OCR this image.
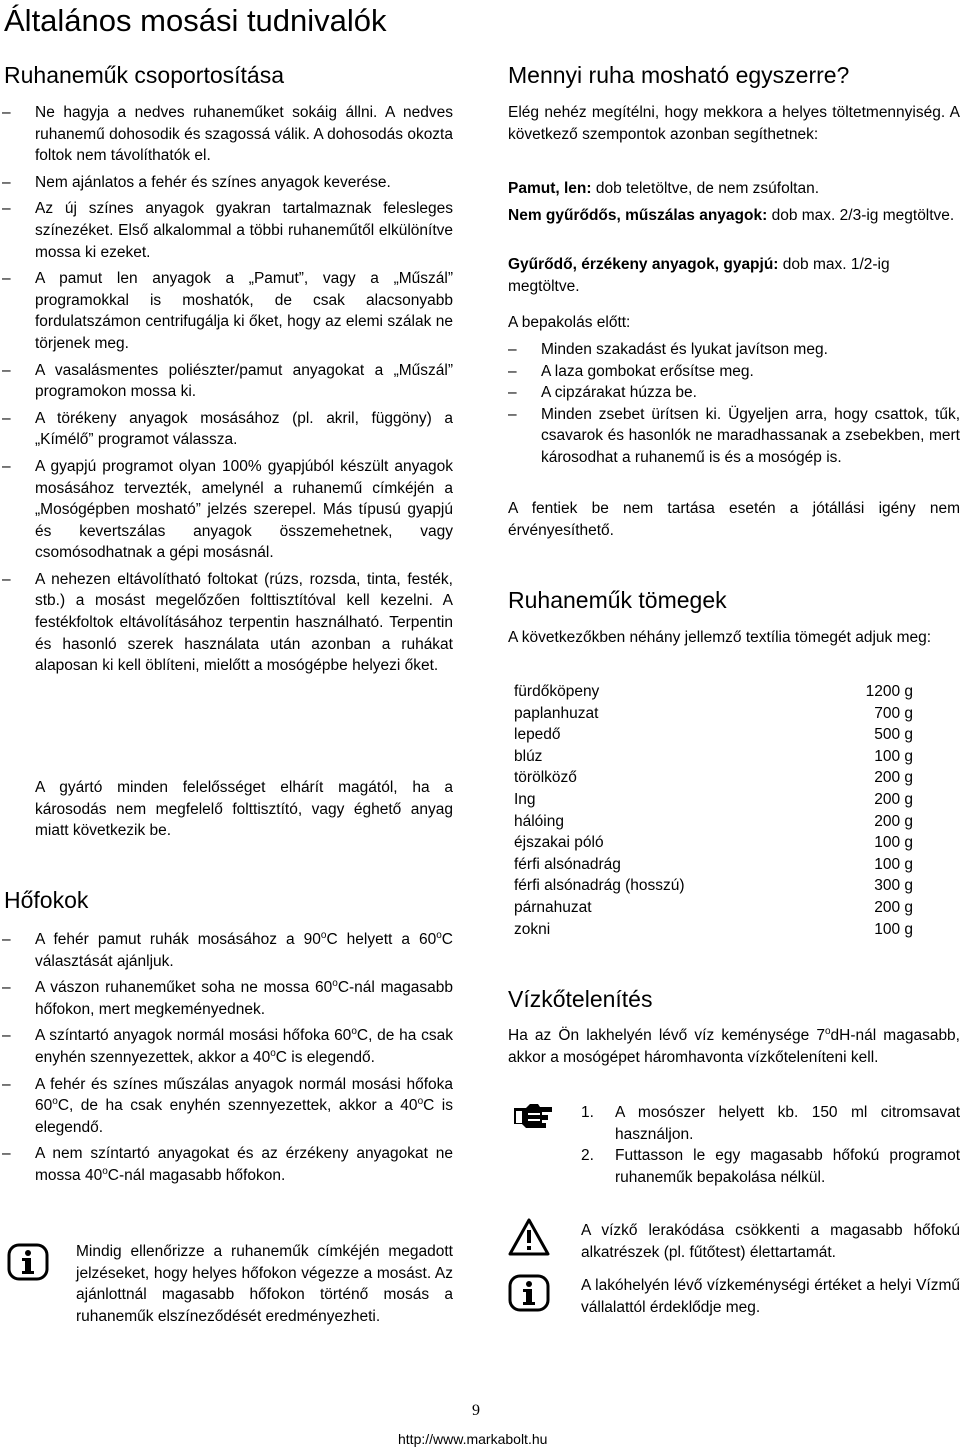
Általános mosási tudnivalók
Ruhaneműk csoportosítása
– Ne hagyja a nedves ruhaneműket sokáig állni. A nedves ruhanemű dohosodik és szagossá válik. A dohosodás okozta foltok nem távolíthatók el.
– Nem ajánlatos a fehér és színes anyagok keverése.
– Az új színes anyagok gyakran tartalmaznak felesleges színezéket. Első alkalommal a többi ruhaneműtől elkülönítve mossa ki ezeket.
– A pamut len anyagok a „Pamut”, vagy a „Műszál” programokkal is moshatók, de csak alacsonyabb fordulatszámon centrifugálja ki őket, hogy az elemi szálak ne törjenek meg.
– A vasalásmentes poliészter/pamut anyagokat a „Műszál” programokon mossa ki.
– A törékeny anyagok mosásához (pl. akril, függöny) a „Kímélő” programot válassza.
– A gyapjú programot olyan 100% gyapjúból készült anyagok mosásához tervezték, amelynél a ruhanemű címkéjén a „Mosógépben mosható” jelzés szerepel. Más típusú gyapjú és kevertszálas anyagok összemehetnek, vagy csomósodhatnak a gépi mosásnál.
– A nehezen eltávolítható foltokat (rúzs, rozsda, tinta, festék, stb.) a mosást megelőzően folttisztítóval kell kezelni. A festékfoltok eltávolításához terpentin használható. Terpentin és hasonló szerek használata után azonban a ruhákat alaposan ki kell öblíteni, mielőtt a mosógépbe helyezi őket.

A gyártó minden felelősséget elhárít magától, ha a károsodás nem megfelelő folttisztító, vagy éghető anyag miatt következik be.

Hőfokok
– A fehér pamut ruhák mosásához a 90$^o$C helyett a 60$^o$C választását ajánljuk.
– A vászon ruhaneműket soha ne mossa 60$^o$C-nál magasabb hőfokon, mert megkeményednek.
– A színtartó anyagok normál mosási hőfoka 60$^o$C, de ha csak enyhén szennyezettek, akkor a 40$^o$C is elegendő.
– A fehér és színes műszálas anyagok normál mosási hőfoka 60$^o$C, de ha csak enyhén szennyezettek, akkor a 40$^o$C is elegendő.
– A nem színtartó anyagokat és az érzékeny anyagokat ne mossa 40$^o$C-nál magasabb hőfokon.

Mindig ellenőrizze a ruhaneműk címkéjén megadott jelzéseket, hogy helyes hőfokon végezze a mosást. Az ajánlottnál magasabb hőfokon történő mosás a ruhaneműk elszíneződését eredményezheti.

Mennyi ruha mosható egyszerre?

Elég nehéz megítélni, hogy mekkora a helyes töltetmennyiség. A következő szempontok azonban segíthetnek:

Pamut, len: dob teletöltve, de nem zsúfoltan.

Nem gyűrődős, műszálas anyagok: dob max. 2/3-ig megtöltve.

Gyűrődő, érzékeny anyagok, gyapjú: dob max. 1/2-ig megtöltve.

A bepakolás előtt:

– Minden szakadást és lyukat javítson meg.
– A laza gombokat erősítse meg.
– A cipzárakat húzza be.
– Minden zsebet ürítsen ki. Ügyeljen arra, hogy csattok, tűk, csavarok és hasonlók ne maradhassanak a zsebekben, mert károsodhat a ruhanemű is és a mosógép is.

A fentiek be nem tartása esetén a jótállási igény nem érvényesíthető.

Ruhaneműk tömegek

A következőkben néhány jellemző textília tömegét adjuk meg:

fürdőköpeny	1200 g
paplanhuzat	700 g
lepedő	500 g
blúz	100 g
törölköző	200 g
Ing	200 g
hálóing	200 g
éjszakai póló	100 g
férfi alsónadrág	100 g
férfi alsónadrág (hosszú)	300 g
párnahuzat	200 g
zokni	100 g
Vízkőtelenítés

Ha az Ön lakhelyén lévő víz keménysége 7$^o$dH-nál magasabb, akkor a mosógépet háromhavonta vízkőteleníteni kell.

1. A mosószer helyett kb. 150 ml citromsavat használjon.
2. Futtasson le egy magasabb hőfokú programot ruhaneműk bepakolása nélkül.

A vízkő lerakódása csökkenti a magasabb hőfokú alkatrészek (pl. fűtőtest) élettartamát.

A lakóhelyén lévő vízkeménységi értéket a helyi Vízmű vállalattól érdeklődje meg.

9
http://www.markabolt.hu
